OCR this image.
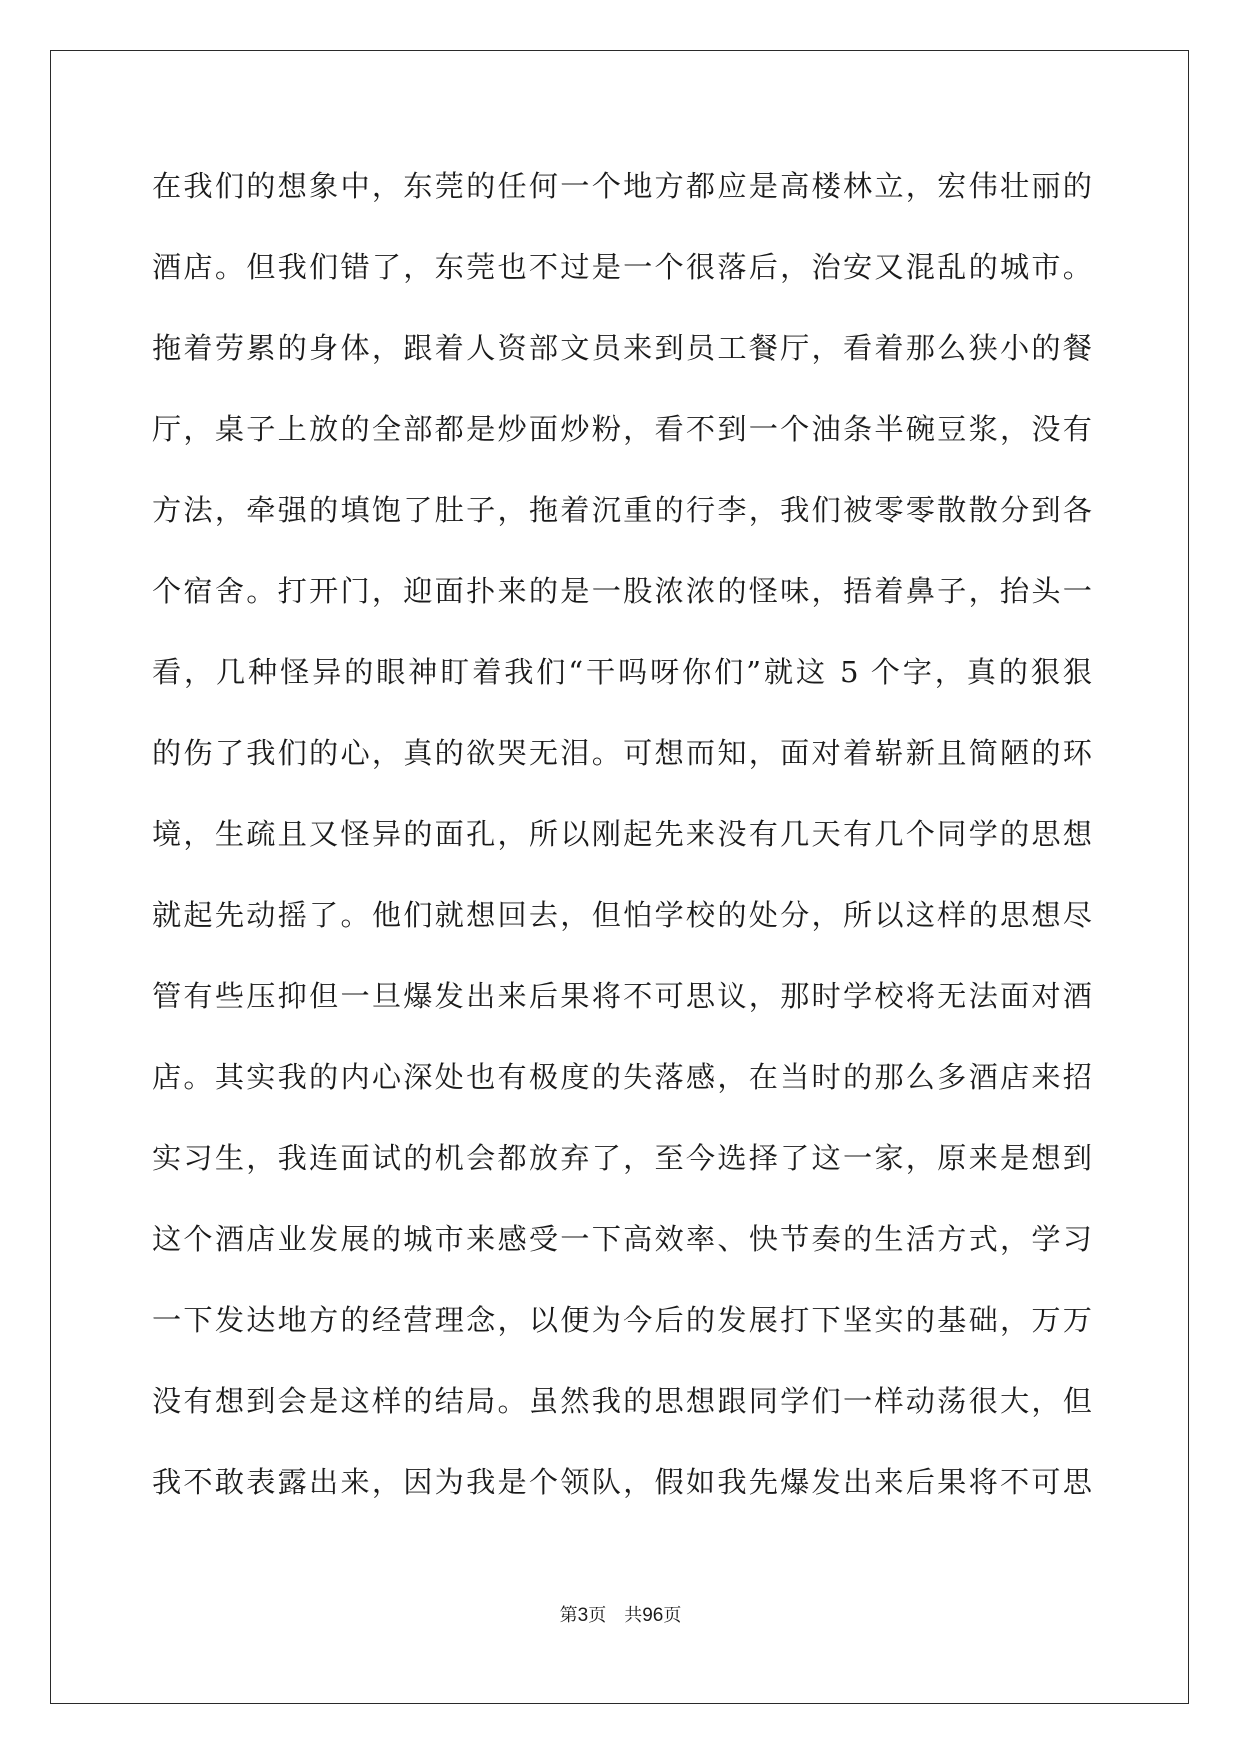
在我们的想象中，东莞的任何一个地方都应是高楼林立，宏伟壮丽的
酒店。但我们错了，东莞也不过是一个很落后，治安又混乱的城市。
拖着劳累的身体，跟着人资部文员来到员工餐厅，看着那么狭小的餐
厅，桌子上放的全部都是炒面炒粉，看不到一个油条半碗豆浆，没有
方法，牵强的填饱了肚子，拖着沉重的行李，我们被零零散散分到各
个宿舍。打开门，迎面扑来的是一股浓浓的怪味，捂着鼻子，抬头一
看，几种怪异的眼神盯着我们“干吗呀你们”就这 5 个字，真的狠狠
的伤了我们的心，真的欲哭无泪。可想而知，面对着崭新且简陋的环
境，生疏且又怪异的面孔，所以刚起先来没有几天有几个同学的思想
就起先动摇了。他们就想回去，但怕学校的处分，所以这样的思想尽
管有些压抑但一旦爆发出来后果将不可思议，那时学校将无法面对酒
店。其实我的内心深处也有极度的失落感，在当时的那么多酒店来招
实习生，我连面试的机会都放弃了，至今选择了这一家，原来是想到
这个酒店业发展的城市来感受一下高效率、快节奏的生活方式，学习
一下发达地方的经营理念，以便为今后的发展打下坚实的基础，万万
没有想到会是这样的结局。虽然我的思想跟同学们一样动荡很大，但
我不敢表露出来，因为我是个领队，假如我先爆发出来后果将不可思
第3页 共96页
